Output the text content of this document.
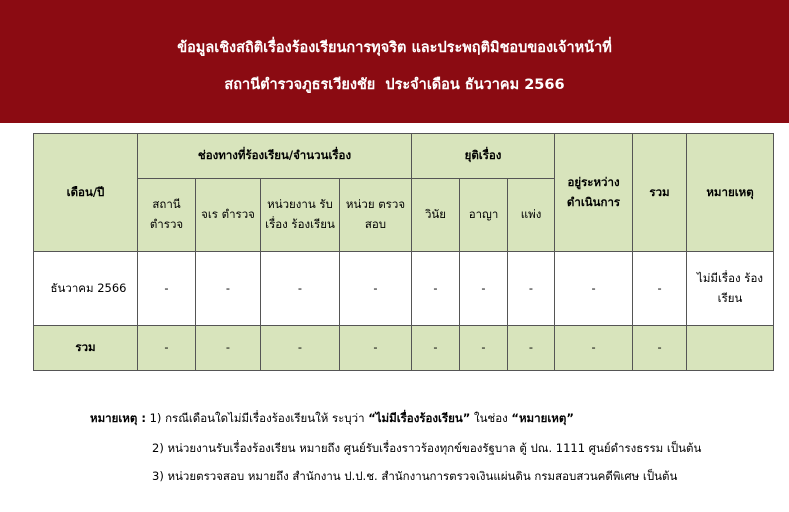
ข้อมูลเชิงสถิติเรื่องร้องเรียนการทุจริต และประพฤติมิชอบของเจ้าหน้าที่
สถานีตำรวจภูธรเวียงชัย  ประจำเดือน ธันวาคม 2566
เดือน/ปี	ช่องทางที่ร้องเรียน/จำนวนเรื่อง				ยุติเรื่อง			อยู่ระหว่าง ดำเนินการ	รวม	หมายเหตุ
	สถานี ตำรวจ	จเร ตำรวจ	หน่วยงาน รับเรื่อง ร้องเรียน	หน่วย ตรวจสอบ	วินัย	อาญา	แพ่ง			
ธันวาคม 2566	-	-	-	-	-	-	-	-	-	ไม่มีเรื่อง ร้องเรียน
รวม	-	-	-	-	-	-	-	-	-	
หมายเหตุ : 1) กรณีเดือนใดไม่มีเรื่องร้องเรียนให้ ระบุว่า “ไม่มีเรื่องร้องเรียน” ในช่อง “หมายเหตุ”
2) หน่วยงานรับเรื่องร้องเรียน หมายถึง ศูนย์รับเรื่องราวร้องทุกข์ของรัฐบาล ตู้ ปณ. 1111 ศูนย์ดำรงธรรม เป็นต้น
3) หน่วยตรวจสอบ หมายถึง สำนักงาน ป.ป.ช. สำนักงานการตรวจเงินแผ่นดิน กรมสอบสวนคดีพิเศษ เป็นต้น
